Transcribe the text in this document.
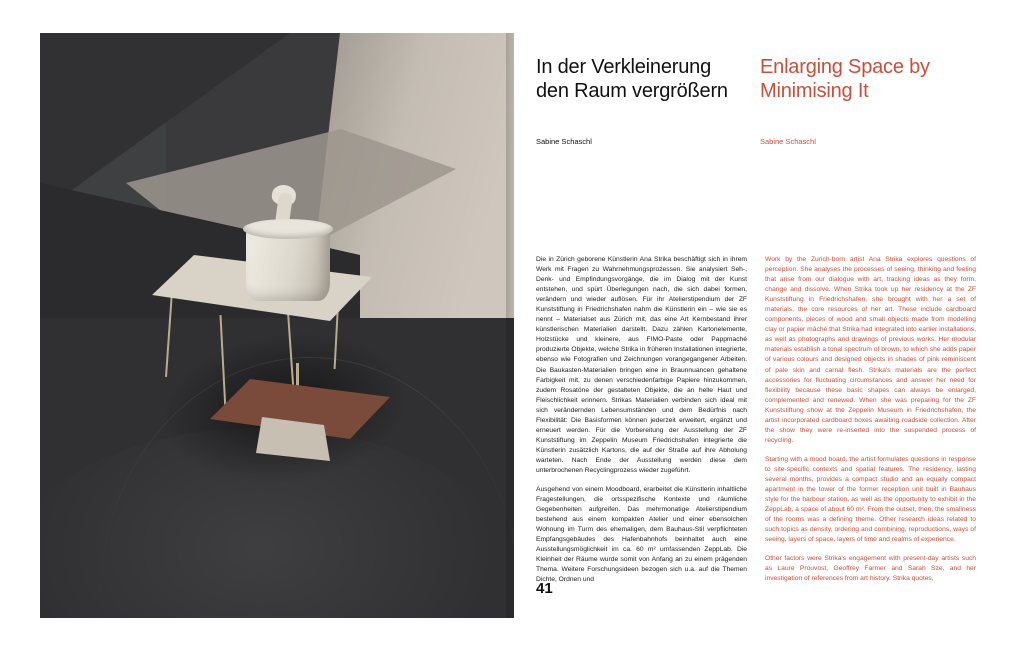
In der Verkleinerung den Raum vergrößern
Enlarging Space by Minimising It
Sabine Schaschl	Sabine Schaschl

Die in Zürich geborene Künstlerin Ana Strika beschäftigt sich in ihrem Werk mit Fragen zu Wahrnehmungsprozessen. Sie analysiert Seh-, Denk- und Empfindungsvorgänge, die im Dialog mit der Kunst entstehen, und spürt Überlegungen nach, die sich dabei formen, verändern und wieder auflösen. Für ihr Atelierstipendium der ZF Kunststiftung in Friedrichshafen nahm die Künstlerin ein – wie sie es nennt – Materialset aus Zürich mit, das eine Art Kernbestand ihrer künstlerischen Materialien darstellt. Dazu zählen Kartonelemente, Holzstücke und kleinere, aus FIMO-Paste oder Pappmaché produzierte Objekte, welche Strika in früheren Installationen integrierte, ebenso wie Fotografien und Zeichnungen vorangegangener Arbeiten. Die Baukasten-Materialien bringen eine in Braunnuancen gehaltene Farbigkeit mit, zu denen verschiedenfarbige Papiere hinzukommen, zudem Rosatöne der gestalteten Objekte, die an helle Haut und Fleischlichkeit erinnern. Strikas Materialien verbinden sich ideal mit sich verändernden Lebensumständen und dem Bedürfnis nach Flexibilität: Die Basisformen können jederzeit erweitert, ergänzt und erneuert werden. Für die Vorbereitung der Ausstellung der ZF Kunststiftung im Zeppelin Museum Friedrichshafen integrierte die Künstlerin zusätzlich Kartons, die auf der Straße auf ihre Abholung warteten. Nach Ende der Ausstellung werden diese dem unterbrochenen Recyclingprozess wieder zugeführt.

Ausgehend von einem Moodboard, erarbeitet die Künstlerin inhaltliche Fragestellungen, die ortsspezifische Kontexte und räumliche Gegebenheiten aufgreifen. Das mehrmonatige Atelierstipendium bestehend aus einem kompakten Atelier und einer ebensolchen Wohnung im Turm des ehemaligen, dem Bauhaus-Stil verpflichteten Empfangsgebäudes des Hafenbahnhofs beinhaltet auch eine Ausstellungsmöglichkeit im ca. 60 m² umfassenden ZeppLab. Die Kleinheit der Räume wurde somit von Anfang an zu einem prägenden Thema. Weitere Forschungsideen bezogen sich u.a. auf die Themen Dichte, Ordnen und

Work by the Zurich-born artist Ana Strika explores questions of perception. She analyses the processes of seeing, thinking and feeling that arise from our dialogue with art, tracking ideas as they form, change and dissolve. When Strika took up her residency at the ZF Kunststiftung in Friedrichshafen, she brought with her a set of materials, the core resources of her art. These include cardboard components, pieces of wood and small objects made from modelling clay or papier mâché that Strika had integrated into earlier installations, as well as photographs and drawings of previous works. Her modular materials establish a tonal spectrum of brown, to which she adds paper of various colours and designed objects in shades of pink reminiscent of pale skin and carnal flesh. Strika's materials are the perfect accessories for fluctuating circumstances and answer her need for flexibility because these basic shapes can always be enlarged, complemented and renewed. When she was preparing for the ZF Kunststiftung show at the Zeppelin Museum in Friedrichshafen, the artist incorporated cardboard boxes awaiting roadside collection. After the show they were re-inserted into the suspended process of recycling.

Starting with a mood board, the artist formulates questions in response to site-specific contexts and spatial features. The residency, lasting several months, provides a compact studio and an equally compact apartment in the tower of the former reception unit built in Bauhaus style for the harbour station, as well as the opportunity to exhibit in the ZeppLab, a space of about 60 m². From the outset, then, the smallness of the rooms was a defining theme. Other research ideas related to such topics as density, ordering and combining, reproductions, ways of seeing, layers of space, layers of time and realms of experience.

Other factors were Strika's engagement with present-day artists such as Laure Prouvost, Geoffrey Farmer and Sarah Sze, and her investigation of references from art history. Strika quotes,

41
